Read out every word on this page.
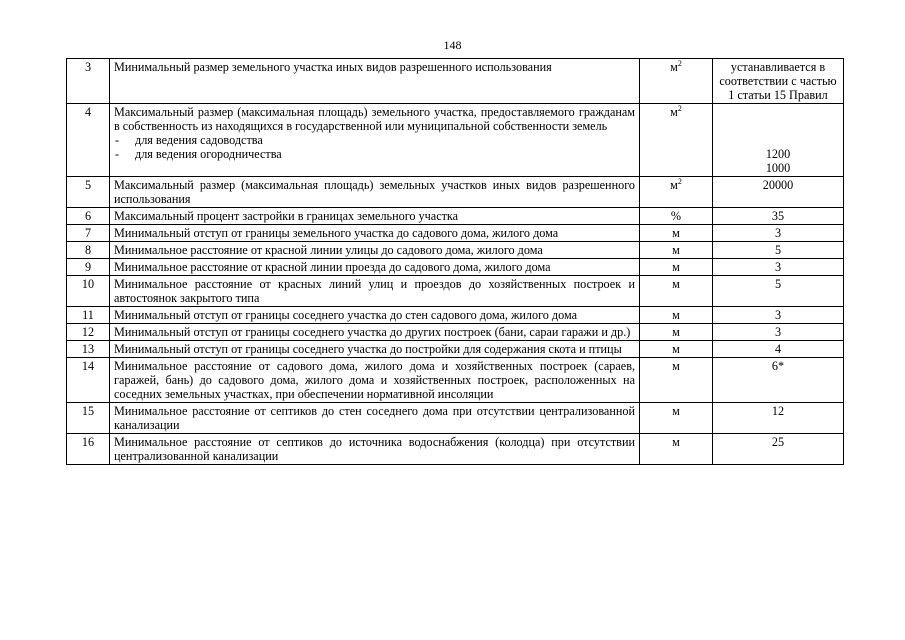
148
3	Минимальный размер земельного участка иных видов разрешенного использования	$м^2$	устанавливается в соответствии с частью 1 статьи 15 Правил
4	Максимальный размер (максимальная площадь) земельного участка, предоставляемого гражданам в собственность из находящихся в государственной или муниципальной собственности земель
- для ведения садоводства
- для ведения огородничества	$м^2$	1200
1000

5	Максимальный размер (максимальная площадь) земельных участков иных видов разрешенного использования	$м^2$	20000
6	Максимальный процент застройки в границах земельного участка	%	35
7	Минимальный отступ от границы земельного участка до садового дома, жилого дома	м	3
8	Минимальное расстояние от красной линии улицы до садового дома, жилого дома	м	5
9	Минимальное расстояние от красной линии проезда до садового дома, жилого дома	м	3
10	Минимальное расстояние от красных линий улиц и проездов до хозяйственных построек и автостоянок закрытого типа	м	5
11	Минимальный отступ от границы соседнего участка до стен садового дома, жилого дома	м	3
12	Минимальный отступ от границы соседнего участка до других построек (бани, сараи гаражи и др.)	м	3
13	Минимальный отступ от границы соседнего участка до постройки для содержания скота и птицы	м	4
14	Минимальное расстояние от садового дома, жилого дома и хозяйственных построек (сараев, гаражей, бань) до садового дома, жилого дома и хозяйственных построек, расположенных на соседних земельных участках, при обеспечении нормативной инсоляции	м	6*
15	Минимальное расстояние от септиков до стен соседнего дома при отсутствии централизованной канализации	м	12
16	Минимальное расстояние от септиков до источника водоснабжения (колодца) при отсутствии централизованной канализации	м	25
